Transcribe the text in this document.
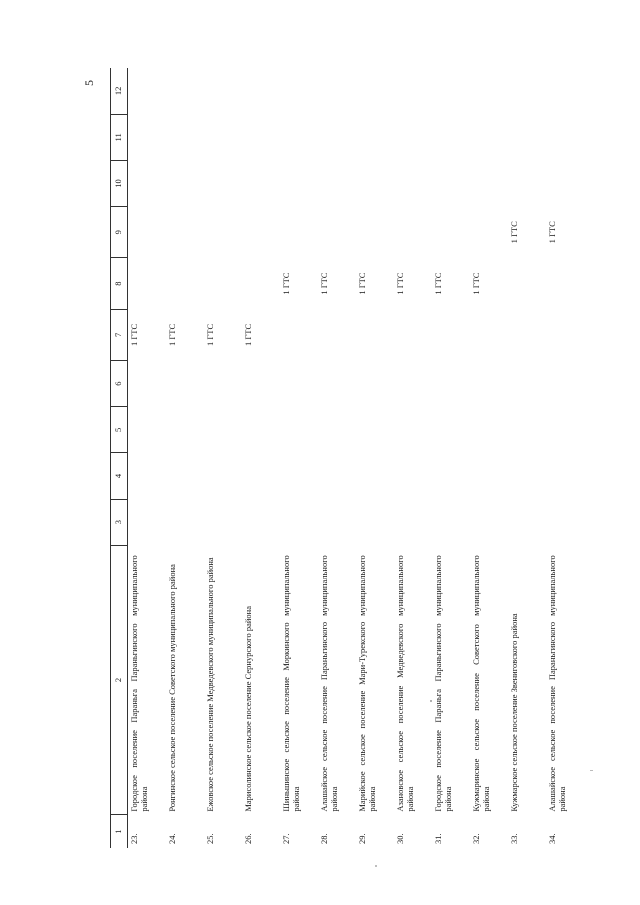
5
1	2	3	4	5	6	7	8	9	10	11	12
23.	Городское поселение Параньга Параньгинского муниципального района					1 ГТС					
24.	Ронгинское сельское поселение Советского муниципального района					1 ГТС					
25.	Ежовское сельское поселение Медведевского муниципального района					1 ГТС					
26.	Марисолинское сельское поселение Сернурского района					1 ГТС					
27.	Шиньшинское сельское поселение Моркинского муниципального района						1 ГТС				
28.	Алашайское сельское поселение Параньгинского муниципального района						1 ГТС				
29.	Марийское сельское поселение Мари-Турекского муниципального района						1 ГТС				
30.	Азановское сельское поселение Медведевского муниципального района						1 ГТС				
31.	Городское поселение Параньга Параньгинского муниципального района						1 ГТС				
32.	Кужмаринское сельское поселение Советского муниципального района						1 ГТС				
33.	Кужмарское сельское поселение Звениговского района							1 ГТС			
34.	Алашайское сельское поселение Параньгинского муниципального района							1 ГТС			
